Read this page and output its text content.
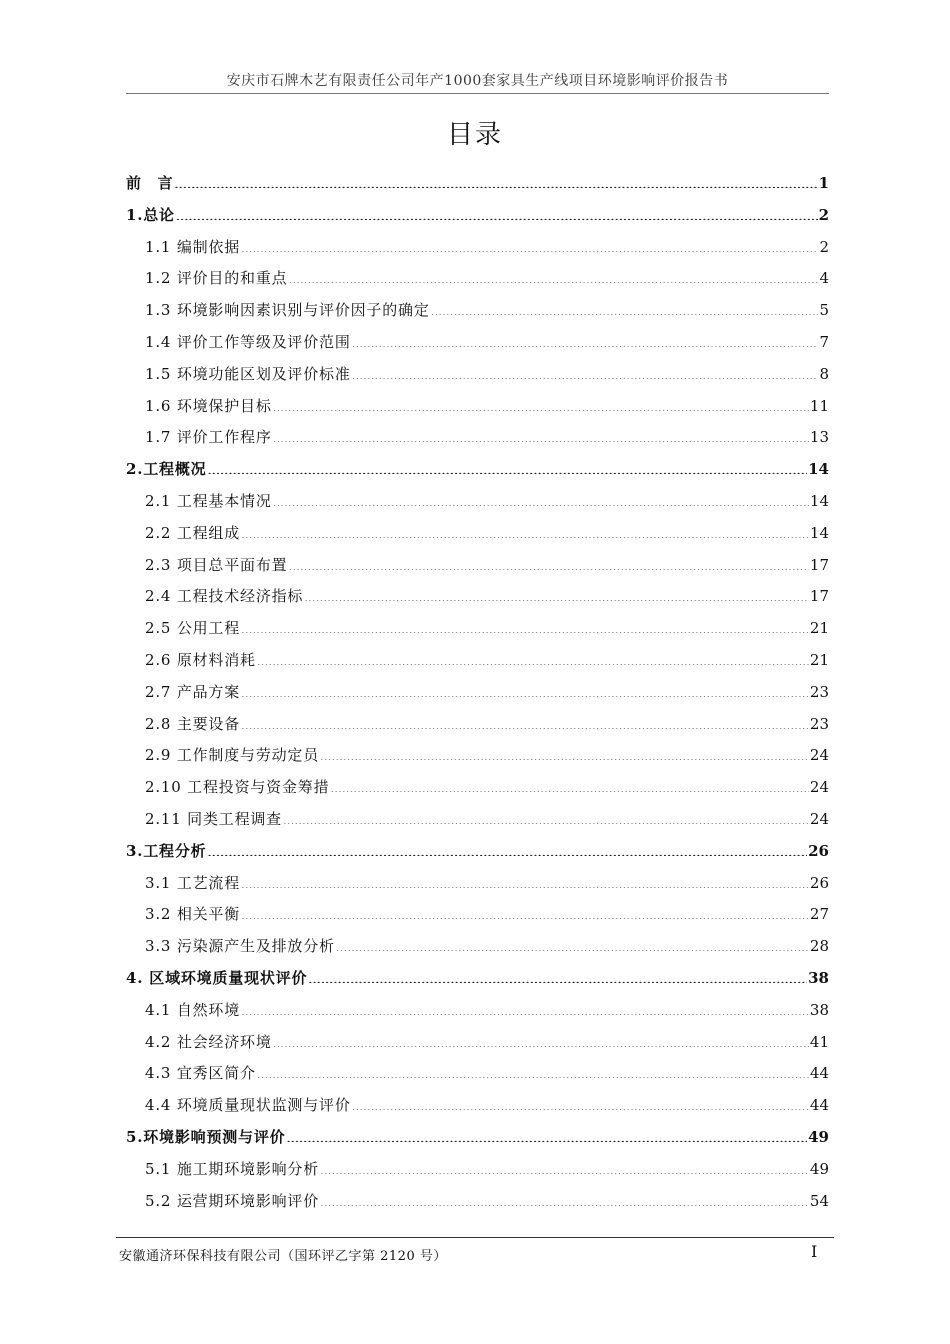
安庆市石牌木艺有限责任公司年产1000套家具生产线项目环境影响评价报告书
目录
前　言 .....	1
1.总论 .....	2
1.1 编制依据 .....	2
1.2 评价目的和重点 .....	4
1.3 环境影响因素识别与评价因子的确定 .....	5
1.4 评价工作等级及评价范围 .....	7
1.5 环境功能区划及评价标准 .....	8
1.6 环境保护目标 .....	11
1.7 评价工作程序 .....	13
2.工程概况 .....	14
2.1 工程基本情况 .....	14
2.2 工程组成 .....	14
2.3 项目总平面布置 .....	17
2.4 工程技术经济指标 .....	17
2.5 公用工程 .....	21
2.6 原材料消耗 .....	21
2.7 产品方案 .....	23
2.8 主要设备 .....	23
2.9 工作制度与劳动定员 .....	24
2.10 工程投资与资金筹措 .....	24
2.11 同类工程调查 .....	24
3.工程分析 .....	26
3.1 工艺流程 .....	26
3.2 相关平衡 .....	27
3.3 污染源产生及排放分析 .....	28
4. 区域环境质量现状评价 .....	38
4.1 自然环境 .....	38
4.2 社会经济环境 .....	41
4.3 宜秀区简介 .....	44
4.4 环境质量现状监测与评价 .....	44
5.环境影响预测与评价 .....	49
5.1 施工期环境影响分析 .....	49
5.2 运营期环境影响评价 .....	54
安徽通济环保科技有限公司（国环评乙字第 2120 号）	I
